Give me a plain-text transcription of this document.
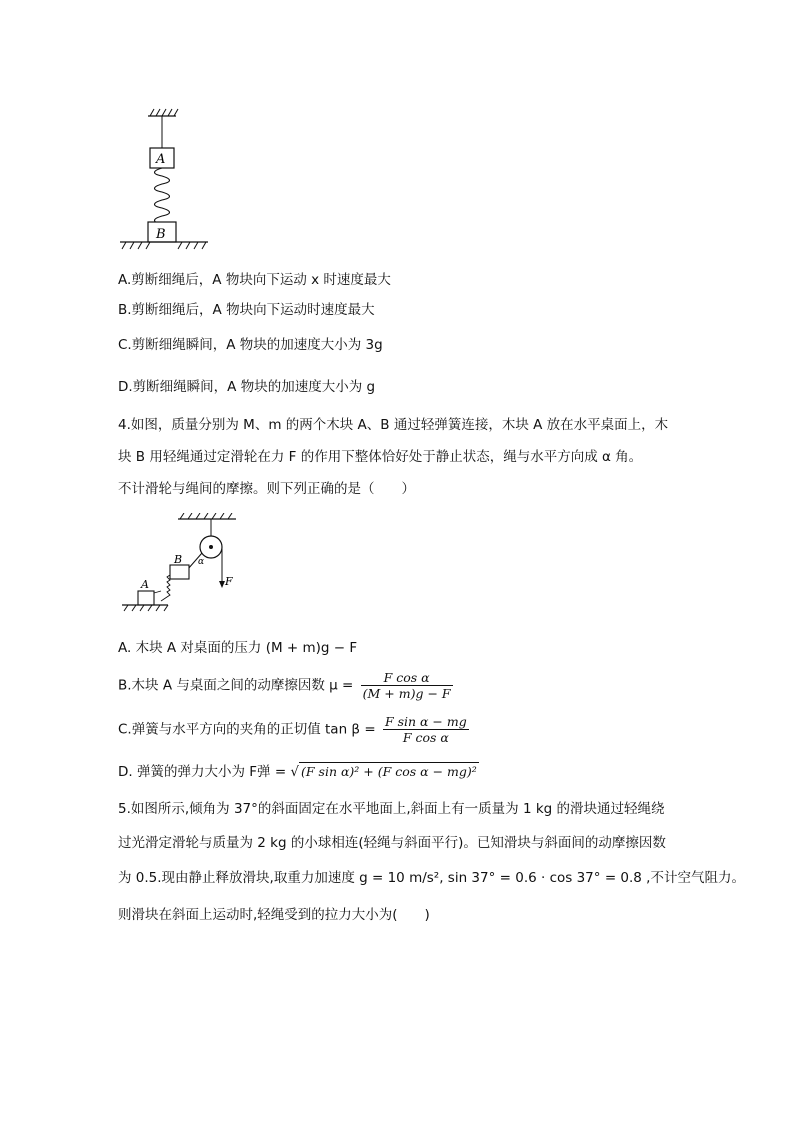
A
B
A.剪断细绳后，A 物块向下运动 x 时速度最大
B.剪断细绳后，A 物块向下运动时速度最大
C.剪断细绳瞬间，A 物块的加速度大小为 3g
D.剪断细绳瞬间，A 物块的加速度大小为 g
4.如图，质量分别为 M、m 的两个木块 A、B 通过轻弹簧连接，木块 A 放在水平桌面上，木
块 B 用轻绳通过定滑轮在力 F 的作用下整体恰好处于静止状态，绳与水平方向成 α 角。
不计滑轮与绳间的摩擦。则下列正确的是（　　）
F
α
B
A
A. 木块 A 对桌面的压力 (M + m)g − F
B.木块 A 与桌面之间的动摩擦因数 $\mu = \frac{\text{F cos α}}{(M + m)g - F}$
C.弹簧与水平方向的夹角的正切值 $\tan \beta = \frac{\text{F sin α − mg}}{\text{F cos α}}$
D. 弹簧的弹力大小为 F弹 = √ (F sin α)² + (F cos α − mg)²
5.如图所示,倾角为 37°的斜面固定在水平地面上,斜面上有一质量为 1 kg 的滑块通过轻绳绕
过光滑定滑轮与质量为 2 kg 的小球相连(轻绳与斜面平行)。已知滑块与斜面间的动摩擦因数
为 0.5.现由静止释放滑块,取重力加速度 g = 10 m/s², sin 37° = 0.6 · cos 37° = 0.8 ,不计空气阻力。
则滑块在斜面上运动时,轻绳受到的拉力大小为(　　)
